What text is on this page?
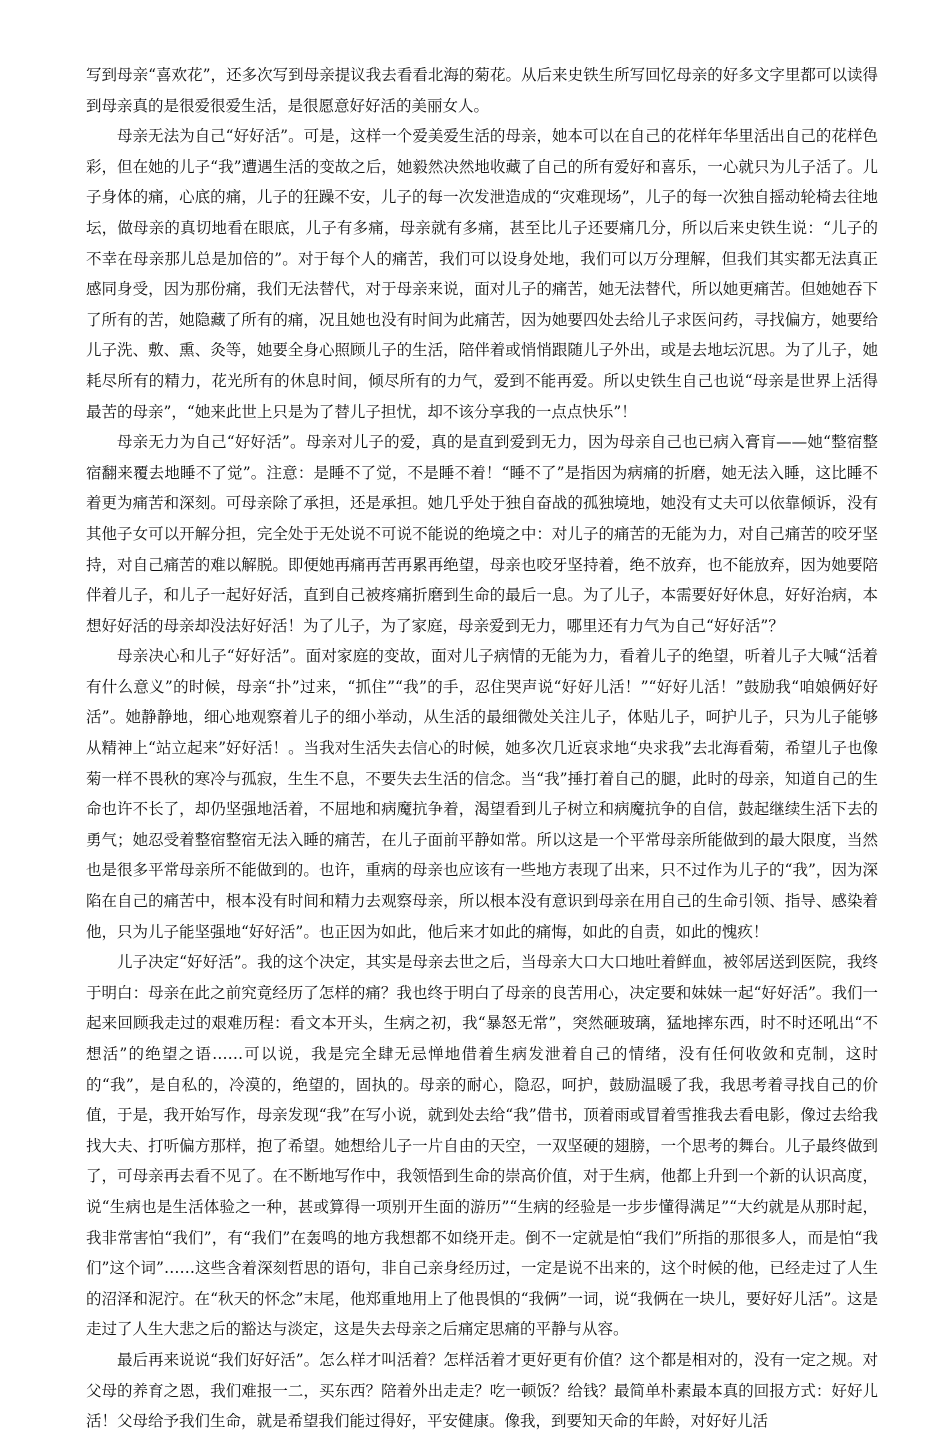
写到母亲“喜欢花”，还多次写到母亲提议我去看看北海的菊花。从后来史铁生所写回忆母亲的好多文字里都可以读得到母亲真的是很爱很爱生活，是很愿意好好活的美丽女人。

母亲无法为自己“好好活”。可是，这样一个爱美爱生活的母亲，她本可以在自己的花样年华里活出自己的花样色彩，但在她的儿子“我”遭遇生活的变故之后，她毅然决然地收藏了自己的所有爱好和喜乐，一心就只为儿子活了。儿子身体的痛，心底的痛，儿子的狂躁不安，儿子的每一次发泄造成的“灾难现场”，儿子的每一次独自摇动轮椅去往地坛，做母亲的真切地看在眼底，儿子有多痛，母亲就有多痛，甚至比儿子还要痛几分，所以后来史铁生说：“儿子的不幸在母亲那儿总是加倍的”。对于每个人的痛苦，我们可以设身处地，我们可以万分理解，但我们其实都无法真正感同身受，因为那份痛，我们无法替代，对于母亲来说，面对儿子的痛苦，她无法替代，所以她更痛苦。但她她吞下了所有的苦，她隐藏了所有的痛，况且她也没有时间为此痛苦，因为她要四处去给儿子求医问药，寻找偏方，她要给儿子洗、敷、熏、灸等，她要全身心照顾儿子的生活，陪伴着或悄悄跟随儿子外出，或是去地坛沉思。为了儿子，她耗尽所有的精力，花光所有的休息时间，倾尽所有的力气，爱到不能再爱。所以史铁生自己也说“母亲是世界上活得最苦的母亲”，“她来此世上只是为了替儿子担忧，却不该分享我的一点点快乐”！

母亲无力为自己“好好活”。母亲对儿子的爱，真的是直到爱到无力，因为母亲自己也已病入膏肓——她“整宿整宿翻来覆去地睡不了觉”。注意：是睡不了觉，不是睡不着！“睡不了”是指因为病痛的折磨，她无法入睡，这比睡不着更为痛苦和深刻。可母亲除了承担，还是承担。她几乎处于独自奋战的孤独境地，她没有丈夫可以依靠倾诉，没有其他子女可以开解分担，完全处于无处说不可说不能说的绝境之中：对儿子的痛苦的无能为力，对自己痛苦的咬牙坚持，对自己痛苦的难以解脱。即便她再痛再苦再累再绝望，母亲也咬牙坚持着，绝不放弃，也不能放弃，因为她要陪伴着儿子，和儿子一起好好活，直到自己被疼痛折磨到生命的最后一息。为了儿子，本需要好好休息，好好治病，本想好好活的母亲却没法好好活！为了儿子，为了家庭，母亲爱到无力，哪里还有力气为自己“好好活”？

母亲决心和儿子“好好活”。面对家庭的变故，面对儿子病情的无能为力，看着儿子的绝望，听着儿子大喊“活着有什么意义”的时候，母亲“扑”过来，“抓住”“我”的手，忍住哭声说“好好儿活！”“好好儿活！”鼓励我“咱娘俩好好活”。她静静地，细心地观察着儿子的细小举动，从生活的最细微处关注儿子，体贴儿子，呵护儿子，只为儿子能够从精神上“站立起来”好好活！。当我对生活失去信心的时候，她多次几近哀求地“央求我”去北海看菊，希望儿子也像菊一样不畏秋的寒冷与孤寂，生生不息，不要失去生活的信念。当“我”捶打着自己的腿，此时的母亲，知道自己的生命也许不长了，却仍坚强地活着，不屈地和病魔抗争着，渴望看到儿子树立和病魔抗争的自信，鼓起继续生活下去的勇气；她忍受着整宿整宿无法入睡的痛苦，在儿子面前平静如常。所以这是一个平常母亲所能做到的最大限度，当然也是很多平常母亲所不能做到的。也许，重病的母亲也应该有一些地方表现了出来，只不过作为儿子的“我”，因为深陷在自己的痛苦中，根本没有时间和精力去观察母亲，所以根本没有意识到母亲在用自己的生命引领、指导、感染着他，只为儿子能坚强地“好好活”。也正因为如此，他后来才如此的痛悔，如此的自责，如此的愧疚！

儿子决定“好好活”。我的这个决定，其实是母亲去世之后，当母亲大口大口地吐着鲜血，被邻居送到医院，我终于明白：母亲在此之前究竟经历了怎样的痛？我也终于明白了母亲的良苦用心，决定要和妹妹一起“好好活”。我们一起来回顾我走过的艰难历程：看文本开头，生病之初，我“暴怒无常”，突然砸玻璃，猛地摔东西，时不时还吼出“不想活”的绝望之语……可以说，我是完全肆无忌惮地借着生病发泄着自己的情绪，没有任何收敛和克制，这时的“我”，是自私的，冷漠的，绝望的，固执的。母亲的耐心，隐忍，呵护，鼓励温暖了我，我思考着寻找自己的价值，于是，我开始写作，母亲发现“我”在写小说，就到处去给“我”借书，顶着雨或冒着雪推我去看电影，像过去给我找大夫、打听偏方那样，抱了希望。她想给儿子一片自由的天空，一双坚硬的翅膀，一个思考的舞台。儿子最终做到了，可母亲再去看不见了。在不断地写作中，我领悟到生命的崇高价值，对于生病，他都上升到一个新的认识高度，说“生病也是生活体验之一种，甚或算得一项别开生面的游历”“生病的经验是一步步懂得满足”“大约就是从那时起，我非常害怕“我们”，有“我们”在轰鸣的地方我想都不如绕开走。倒不一定就是怕“我们”所指的那很多人，而是怕“我们”这个词”……这些含着深刻哲思的语句，非自己亲身经历过，一定是说不出来的，这个时候的他，已经走过了人生的沼泽和泥泞。在“秋天的怀念”末尾，他郑重地用上了他畏惧的“我俩”一词，说“我俩在一块儿，要好好儿活”。这是走过了人生大悲之后的豁达与淡定，这是失去母亲之后痛定思痛的平静与从容。

最后再来说说“我们好好活”。怎么样才叫活着？怎样活着才更好更有价值？这个都是相对的，没有一定之规。对父母的养育之恩，我们难报一二，买东西？陪着外出走走？吃一顿饭？给钱？最简单朴素最本真的回报方式：好好儿活！父母给予我们生命，就是希望我们能过得好，平安健康。像我，到要知天命的年龄，对好好儿活
